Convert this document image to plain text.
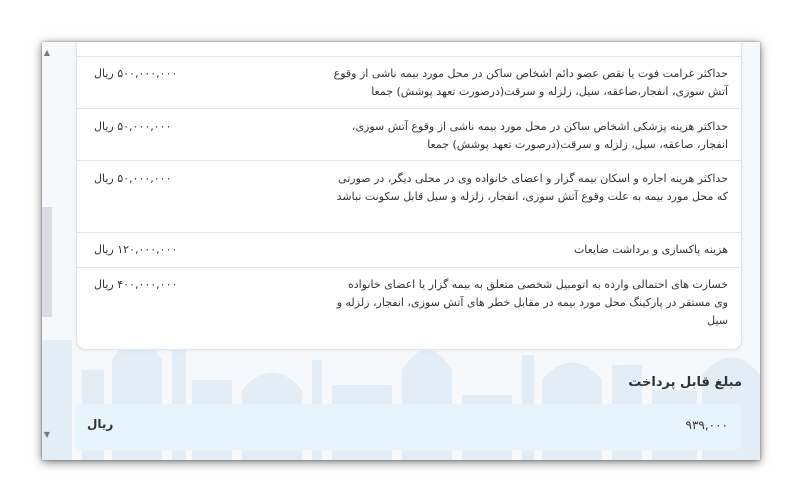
▲
▼
حداکثر غرامت فوت یا نقص عضو دائم اشخاص ساکن در محل مورد بیمه ناشی از وقوع آتش سوزی، انفجار،صاعقه، سیل، زلزله و سرقت(درصورت تعهد پوشش) جمعا
۵۰۰,۰۰۰,۰۰۰ ریال
حداکثر هزینه پزشکی اشخاص ساکن در محل مورد بیمه ناشی از وقوع آتش سوزی، انفجار، صاعقه، سیل، زلزله و سرقت(درصورت تعهد پوشش) جمعا
۵۰,۰۰۰,۰۰۰ ریال
حداکثر هزینه اجاره و اسکان بیمه گزار و اعضای خانواده وی در محلی دیگر، در صورتی که محل مورد بیمه به علت وقوع آتش سوزی، انفجار، زلزله و سیل قابل سکونت نباشد
۵۰,۰۰۰,۰۰۰ ریال
هزینه پاکسازی و برداشت ضایعات
۱۲۰,۰۰۰,۰۰۰ ریال
خسارت های احتمالی وارده به اتومبیل شخصی متعلق به بیمه گزار یا اعضای خانواده وی مستقر در پارکینگ محل مورد بیمه در مقابل خطر های آتش سوزی، انفجار، زلزله و سیل
۴۰۰,۰۰۰,۰۰۰ ریال
مبلغ قابل پرداخت
۹۳۹,۰۰۰
ریال
